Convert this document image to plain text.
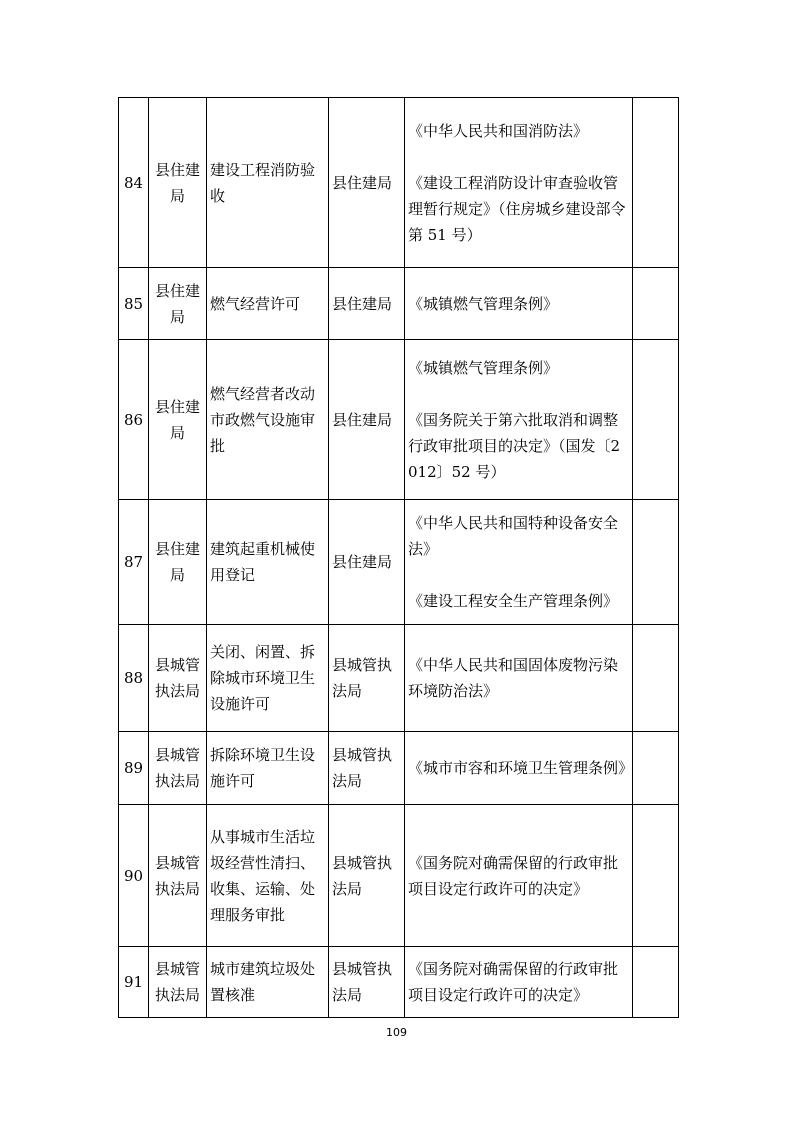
84	县住建局	建设工程消防验收	县住建局	《中华人民共和国消防法》

《建设工程消防设计审查验收管理暂行规定》（住房城乡建设部令第 51 号）	

85	县住建局	燃气经营许可	县住建局	《城镇燃气管理条例》	

86	县住建局	燃气经营者改动市政燃气设施审批	县住建局	《城镇燃气管理条例》

《国务院关于第六批取消和调整行政审批项目的决定》（国发〔2012〕52 号）	

87	县住建局	建筑起重机械使用登记	县住建局	《中华人民共和国特种设备安全法》

《建设工程安全生产管理条例》	

88	县城管执法局	关闭、闲置、拆除城市环境卫生设施许可	县城管执法局	《中华人民共和国固体废物污染环境防治法》	

89	县城管执法局	拆除环境卫生设施许可	县城管执法局	《城市市容和环境卫生管理条例》	

90	县城管执法局	从事城市生活垃圾经营性清扫、收集、运输、处理服务审批	县城管执法局	《国务院对确需保留的行政审批项目设定行政许可的决定》	

91	县城管执法局	城市建筑垃圾处置核准	县城管执法局	《国务院对确需保留的行政审批项目设定行政许可的决定》	

109
